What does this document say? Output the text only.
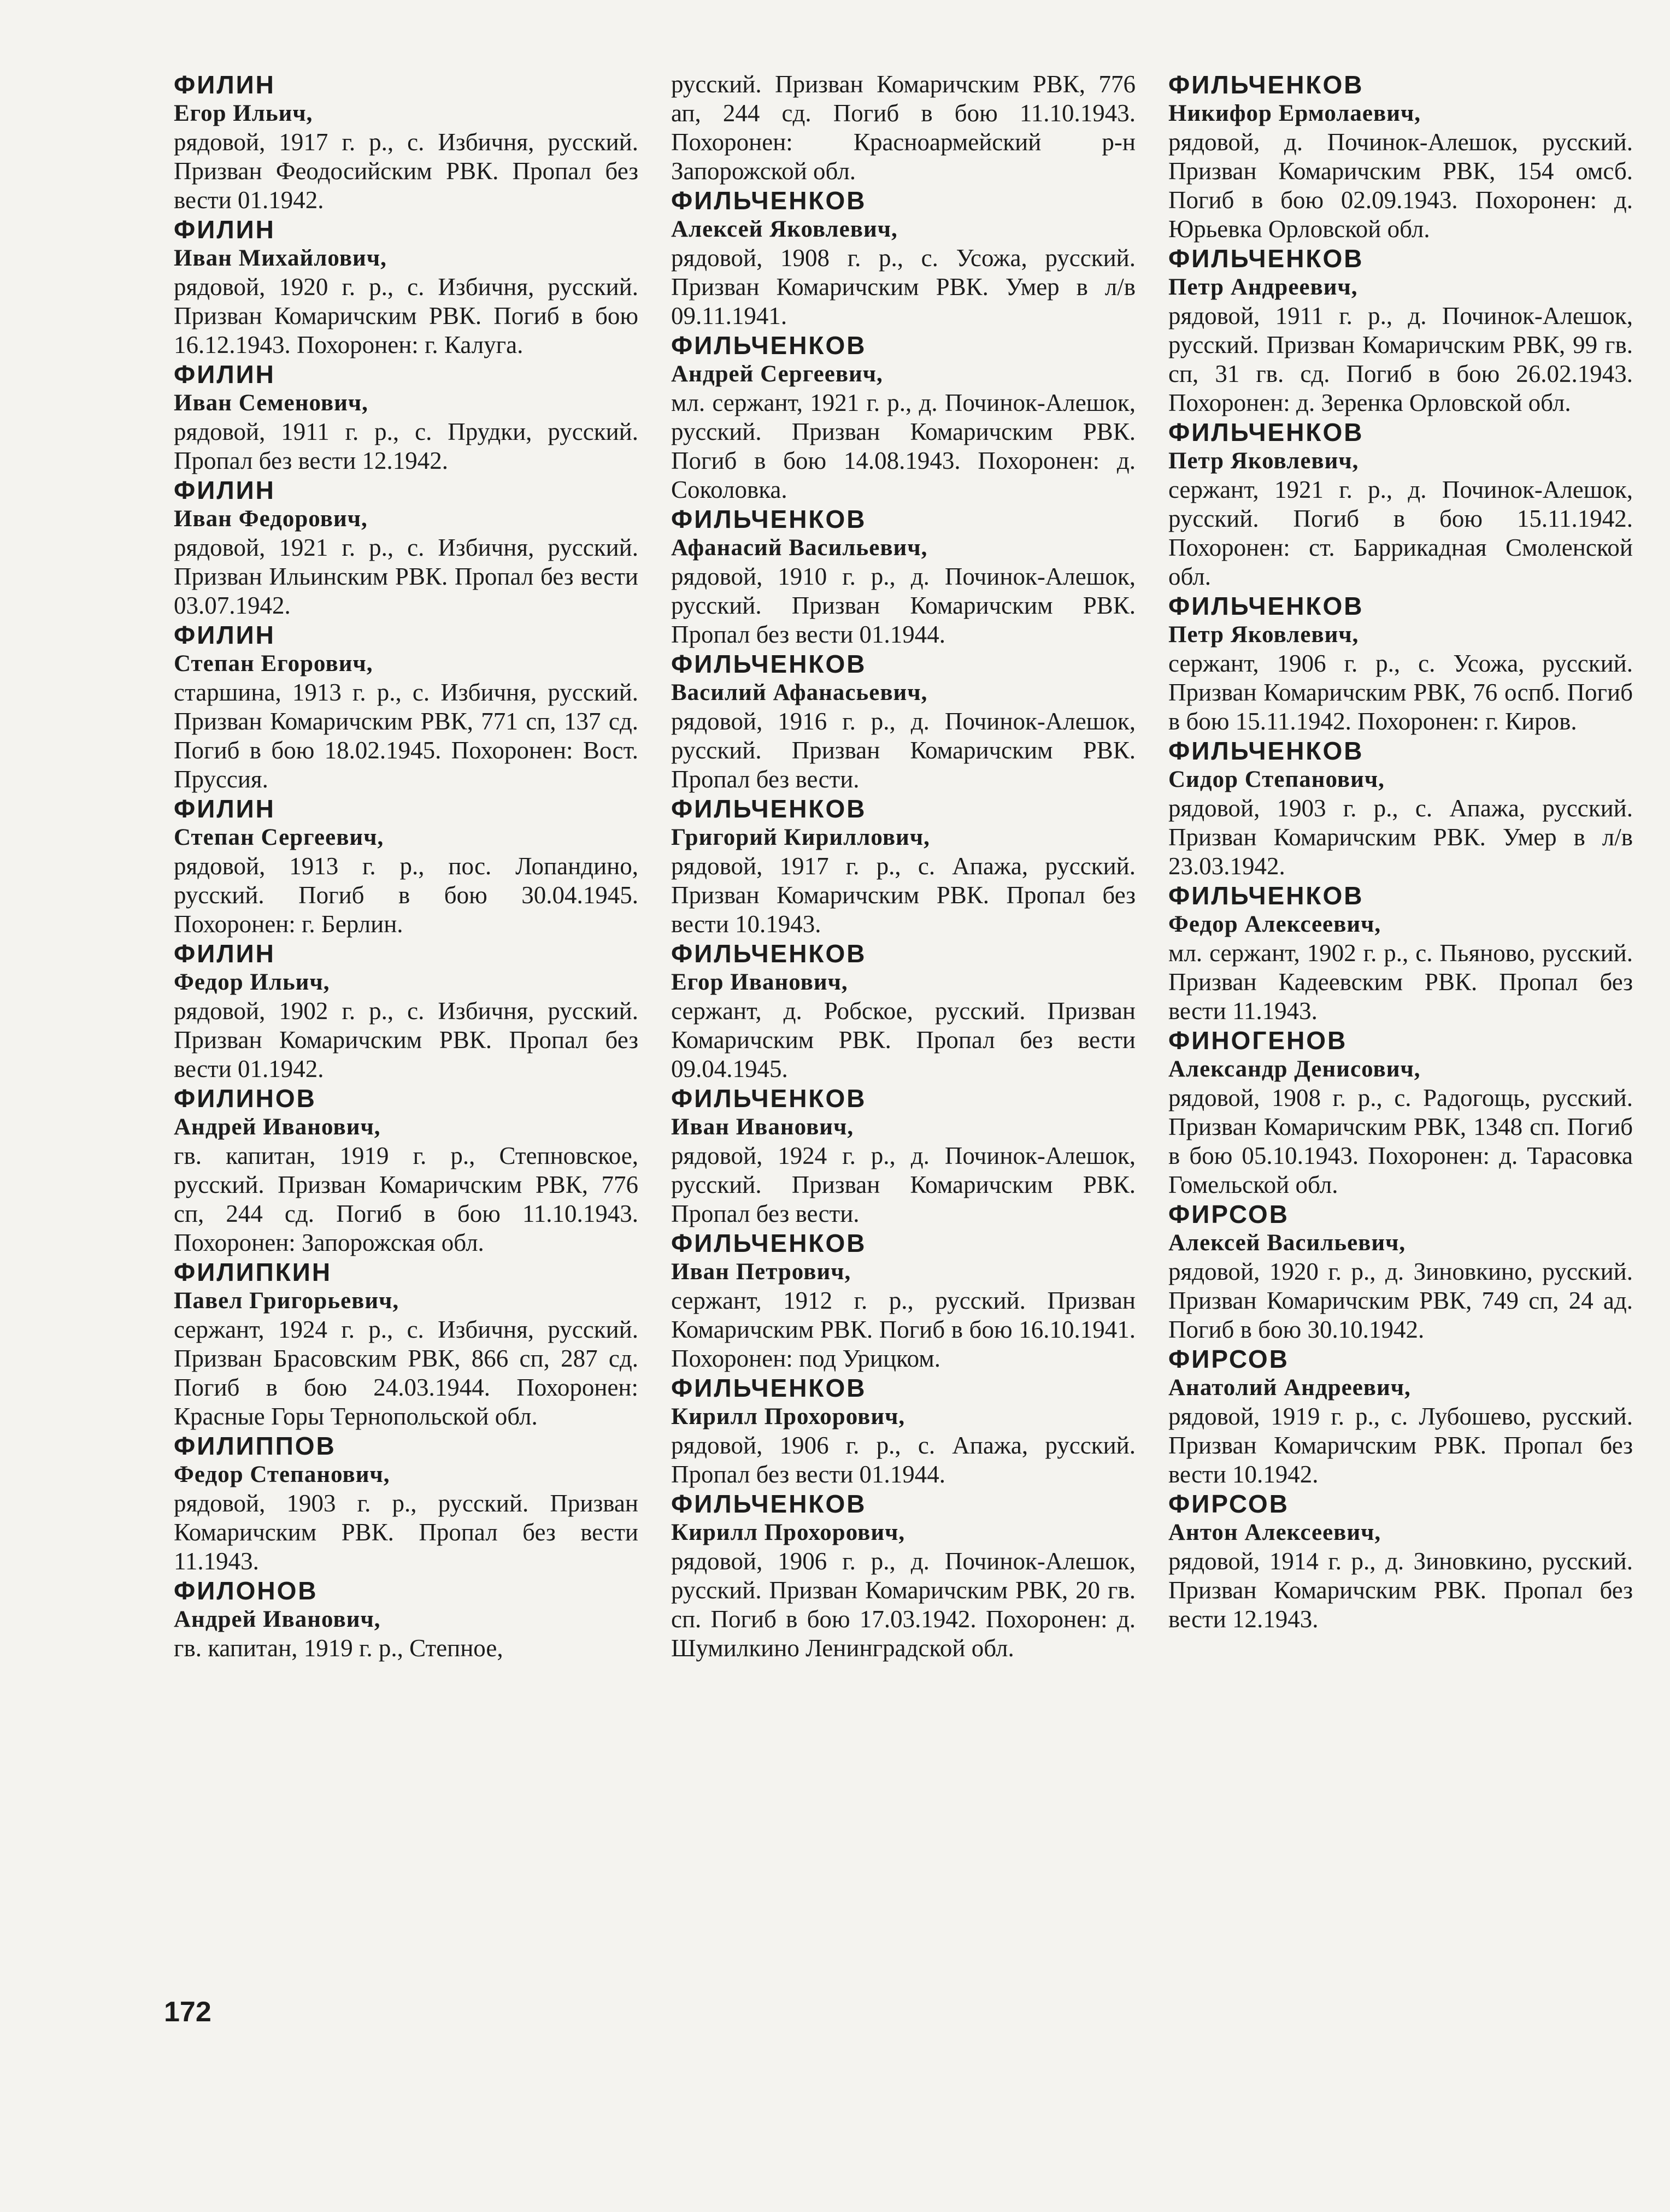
ФИЛИН
Егор Ильич,
рядовой, 1917 г. р., с. Избичня, русский. Призван Феодосийским РВК. Пропал без вести 01.1942.
ФИЛИН
Иван Михайлович,
рядовой, 1920 г. р., с. Избичня, русский. Призван Комаричским РВК. Погиб в бою 16.12.1943. Похоронен: г. Калуга.
ФИЛИН
Иван Семенович,
рядовой, 1911 г. р., с. Прудки, русский. Пропал без вести 12.1942.
ФИЛИН
Иван Федорович,
рядовой, 1921 г. р., с. Избичня, русский. Призван Ильинским РВК. Пропал без вести 03.07.1942.
ФИЛИН
Степан Егорович,
старшина, 1913 г. р., с. Избичня, русский. Призван Комаричским РВК, 771 сп, 137 сд. Погиб в бою 18.02.1945. Похоронен: Вост. Пруссия.
ФИЛИН
Степан Сергеевич,
рядовой, 1913 г. р., пос. Лопандино, русский. Погиб в бою 30.04.1945. Похоронен: г. Берлин.
ФИЛИН
Федор Ильич,
рядовой, 1902 г. р., с. Избичня, русский. Призван Комаричским РВК. Пропал без вести 01.1942.
ФИЛИНОВ
Андрей Иванович,
гв. капитан, 1919 г. р., Степновское, русский. Призван Комаричским РВК, 776 сп, 244 сд. Погиб в бою 11.10.1943. Похоронен: Запорожская обл.
ФИЛИПКИН
Павел Григорьевич,
сержант, 1924 г. р., с. Избичня, русский. Призван Брасовским РВК, 866 сп, 287 сд. Погиб в бою 24.03.1944. Похоронен: Красные Горы Тернопольской обл.
ФИЛИППОВ
Федор Степанович,
рядовой, 1903 г. р., русский. Призван Комаричским РВК. Пропал без вести 11.1943.
ФИЛОНОВ
Андрей Иванович,
гв. капитан, 1919 г. р., Степное,
русский. Призван Комаричским РВК, 776 ап, 244 сд. Погиб в бою 11.10.1943. Похоронен: Красноармейский р-н Запорожской обл.
ФИЛЬЧЕНКОВ
Алексей Яковлевич,
рядовой, 1908 г. р., с. Усожа, русский. Призван Комаричским РВК. Умер в л/в 09.11.1941.
ФИЛЬЧЕНКОВ
Андрей Сергеевич,
мл. сержант, 1921 г. р., д. Починок-Алешок, русский. Призван Комаричским РВК. Погиб в бою 14.08.1943. Похоронен: д. Соколовка.
ФИЛЬЧЕНКОВ
Афанасий Васильевич,
рядовой, 1910 г. р., д. Починок-Алешок, русский. Призван Комаричским РВК. Пропал без вести 01.1944.
ФИЛЬЧЕНКОВ
Василий Афанасьевич,
рядовой, 1916 г. р., д. Починок-Алешок, русский. Призван Комаричским РВК. Пропал без вести.
ФИЛЬЧЕНКОВ
Григорий Кириллович,
рядовой, 1917 г. р., с. Апажа, русский. Призван Комаричским РВК. Пропал без вести 10.1943.
ФИЛЬЧЕНКОВ
Егор Иванович,
сержант, д. Робское, русский. Призван Комаричским РВК. Пропал без вести 09.04.1945.
ФИЛЬЧЕНКОВ
Иван Иванович,
рядовой, 1924 г. р., д. Починок-Алешок, русский. Призван Комаричским РВК. Пропал без вести.
ФИЛЬЧЕНКОВ
Иван Петрович,
сержант, 1912 г. р., русский. Призван Комаричским РВК. Погиб в бою 16.10.1941. Похоронен: под Урицком.
ФИЛЬЧЕНКОВ
Кирилл Прохорович,
рядовой, 1906 г. р., с. Апажа, русский. Пропал без вести 01.1944.
ФИЛЬЧЕНКОВ
Кирилл Прохорович,
рядовой, 1906 г. р., д. Починок-Алешок, русский. Призван Комаричским РВК, 20 гв. сп. Погиб в бою 17.03.1942. Похоронен: д. Шумилкино Ленинградской обл.
ФИЛЬЧЕНКОВ
Никифор Ермолаевич,
рядовой, д. Починок-Алешок, русский. Призван Комаричским РВК, 154 омсб. Погиб в бою 02.09.1943. Похоронен: д. Юрьевка Орловской обл.
ФИЛЬЧЕНКОВ
Петр Андреевич,
рядовой, 1911 г. р., д. Починок-Алешок, русский. Призван Комаричским РВК, 99 гв. сп, 31 гв. сд. Погиб в бою 26.02.1943. Похоронен: д. Зеренка Орловской обл.
ФИЛЬЧЕНКОВ
Петр Яковлевич,
сержант, 1921 г. р., д. Починок-Алешок, русский. Погиб в бою 15.11.1942. Похоронен: ст. Баррикадная Смоленской обл.
ФИЛЬЧЕНКОВ
Петр Яковлевич,
сержант, 1906 г. р., с. Усожа, русский. Призван Комаричским РВК, 76 оспб. Погиб в бою 15.11.1942. Похоронен: г. Киров.
ФИЛЬЧЕНКОВ
Сидор Степанович,
рядовой, 1903 г. р., с. Апажа, русский. Призван Комаричским РВК. Умер в л/в 23.03.1942.
ФИЛЬЧЕНКОВ
Федор Алексеевич,
мл. сержант, 1902 г. р., с. Пьяново, русский. Призван Кадеевским РВК. Пропал без вести 11.1943.
ФИНОГЕНОВ
Александр Денисович,
рядовой, 1908 г. р., с. Радогощь, русский. Призван Комаричским РВК, 1348 сп. Погиб в бою 05.10.1943. Похоронен: д. Тарасовка Гомельской обл.
ФИРСОВ
Алексей Васильевич,
рядовой, 1920 г. р., д. Зиновкино, русский. Призван Комаричским РВК, 749 сп, 24 ад. Погиб в бою 30.10.1942.
ФИРСОВ
Анатолий Андреевич,
рядовой, 1919 г. р., с. Лубошево, русский. Призван Комаричским РВК. Пропал без вести 10.1942.
ФИРСОВ
Антон Алексеевич,
рядовой, 1914 г. р., д. Зиновкино, русский. Призван Комаричским РВК. Пропал без вести 12.1943.
172
